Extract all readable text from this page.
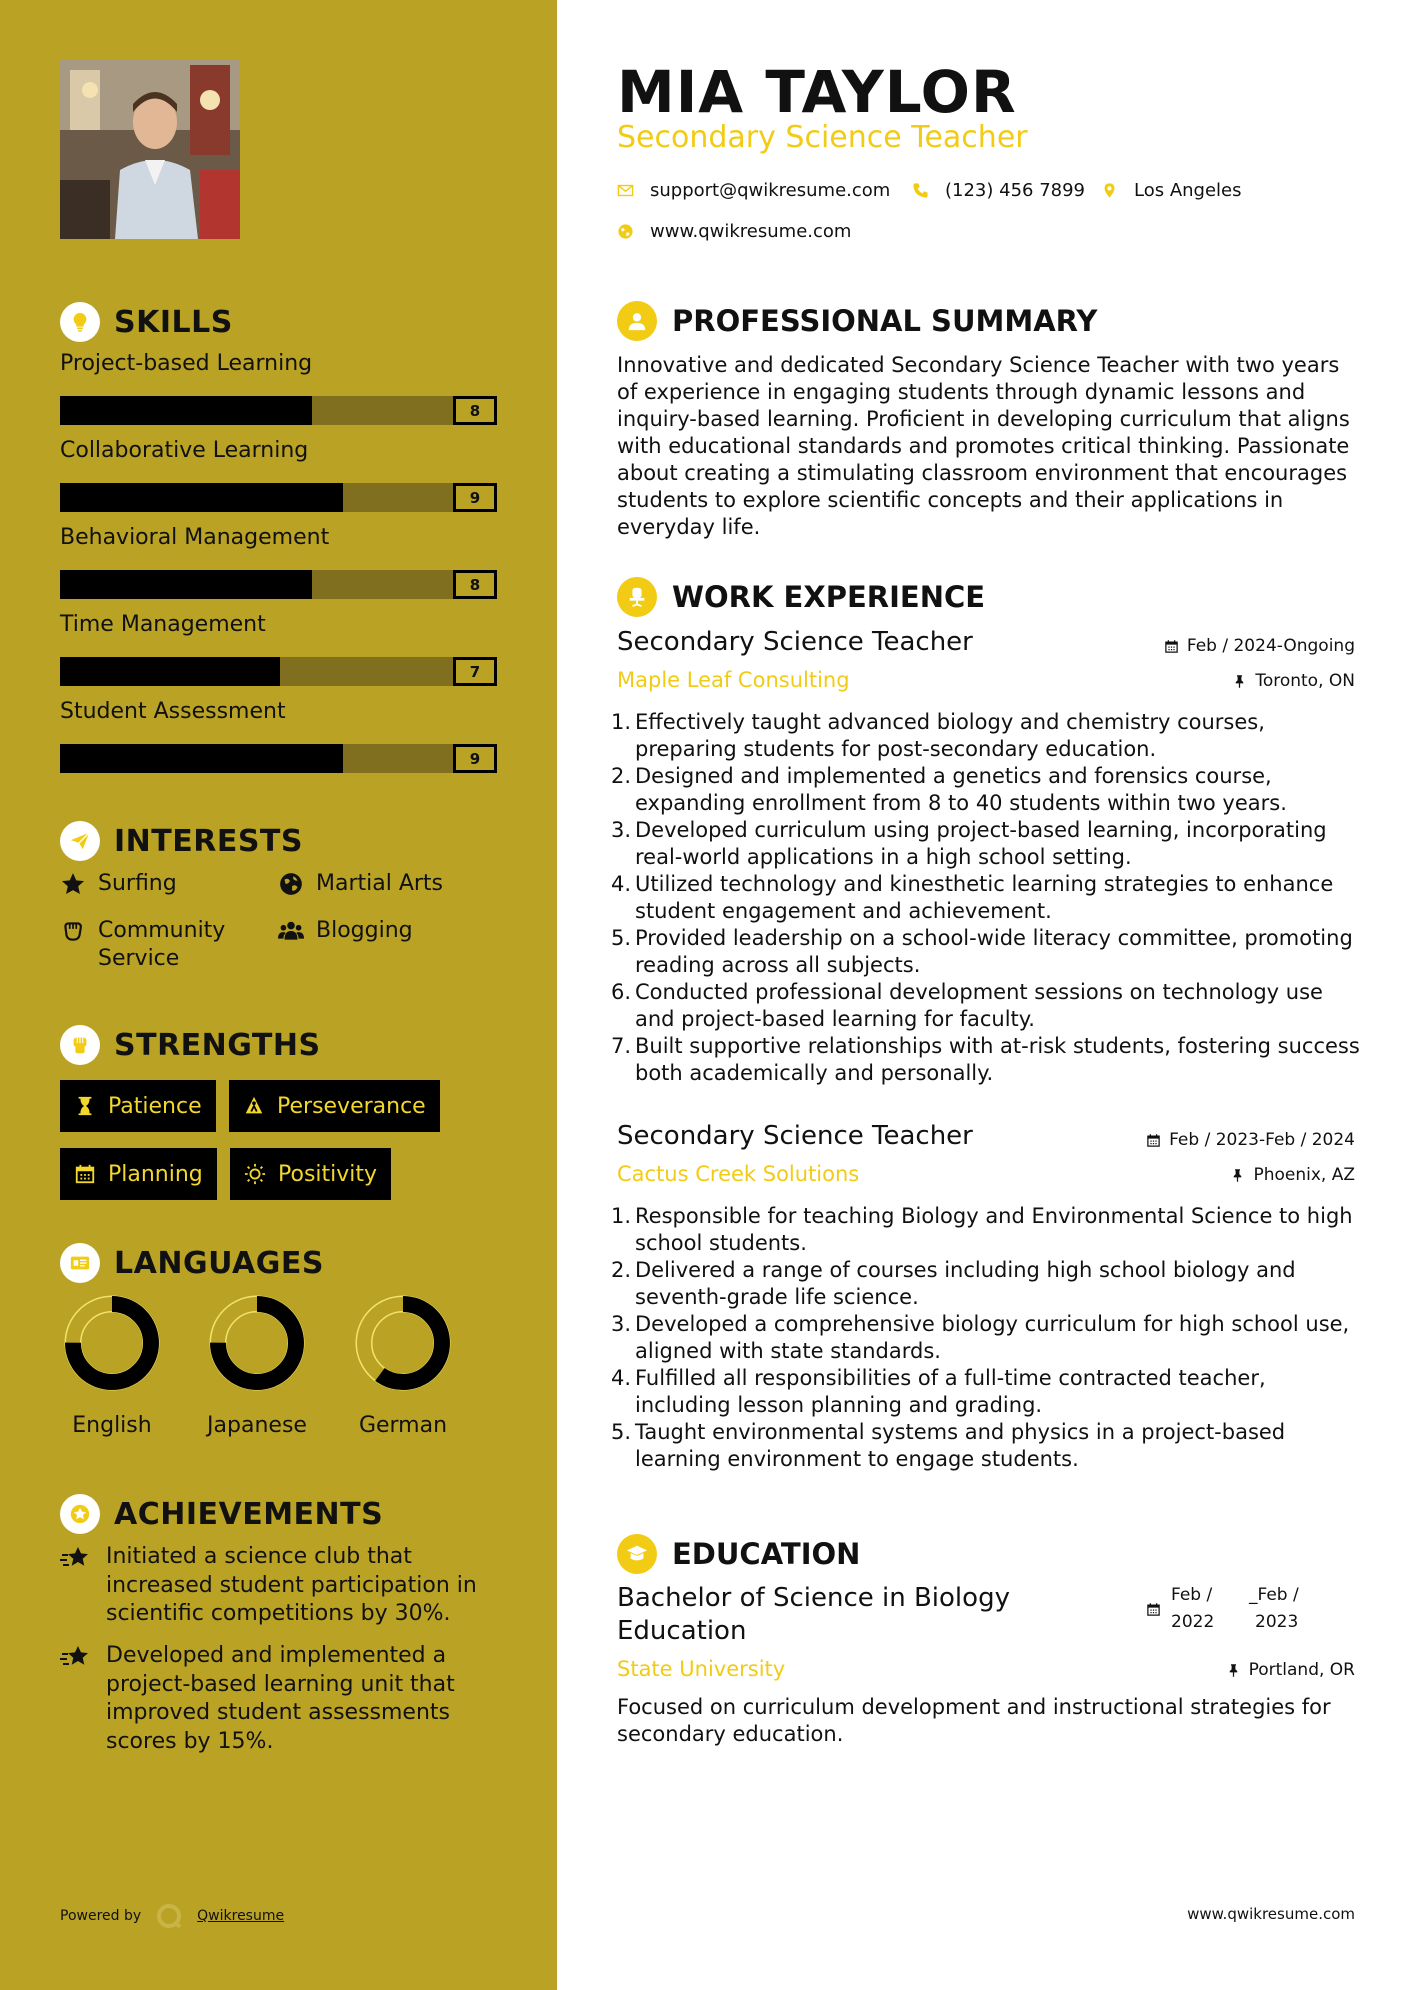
SKILLS
Project-based Learning
8
Collaborative Learning
9
Behavioral Management
8
Time Management
7
Student Assessment
9
INTERESTS
Surfing	Martial Arts
Community Service
Blogging
STRENGTHS
Patience	Perseverance
Planning	Positivity
LANGUAGES
English	Japanese	German
ACHIEVEMENTS
Initiated a science club that increased student participation in scientific competitions by 30%.
Developed and implemented a project-based learning unit that improved student assessments scores by 15%.
Powered by	Qwikresume
MIA TAYLOR
Secondary Science Teacher
support@qwikresume.com	(123) 456 7899	Los Angeles
www.qwikresume.com
PROFESSIONAL SUMMARY
Innovative and dedicated Secondary Science Teacher with two years of experience in engaging students through dynamic lessons and inquiry-based learning. Proficient in developing curriculum that aligns with educational standards and promotes critical thinking. Passionate about creating a stimulating classroom environment that encourages students to explore scientific concepts and their applications in everyday life.
WORK EXPERIENCE
Secondary Science Teacher	Feb / 2024-Ongoing
Maple Leaf Consulting	Toronto, ON
1. Effectively taught advanced biology and chemistry courses, preparing students for post-secondary education.
2. Designed and implemented a genetics and forensics course, expanding enrollment from 8 to 40 students within two years.
3. Developed curriculum using project-based learning, incorporating real-world applications in a high school setting.
4. Utilized technology and kinesthetic learning strategies to enhance student engagement and achievement.
5. Provided leadership on a school-wide literacy committee, promoting reading across all subjects.
6. Conducted professional development sessions on technology use and project-based learning for faculty.
7. Built supportive relationships with at-risk students, fostering success both academically and personally.
Secondary Science Teacher	Feb / 2023-Feb / 2024
Cactus Creek Solutions	Phoenix, AZ
1. Responsible for teaching Biology and Environmental Science to high school students.
2. Delivered a range of courses including high school biology and seventh-grade life science.
3. Developed a comprehensive biology curriculum for high school use, aligned with state standards.
4. Fulfilled all responsibilities of a full-time contracted teacher, including lesson planning and grading.
5. Taught environmental systems and physics in a project-based learning environment to engage students.
EDUCATION
Bachelor of Science in Biology Education
Feb /
2022
_Feb /
2023
State University	Portland, OR
Focused on curriculum development and instructional strategies for secondary education.
www.qwikresume.com
